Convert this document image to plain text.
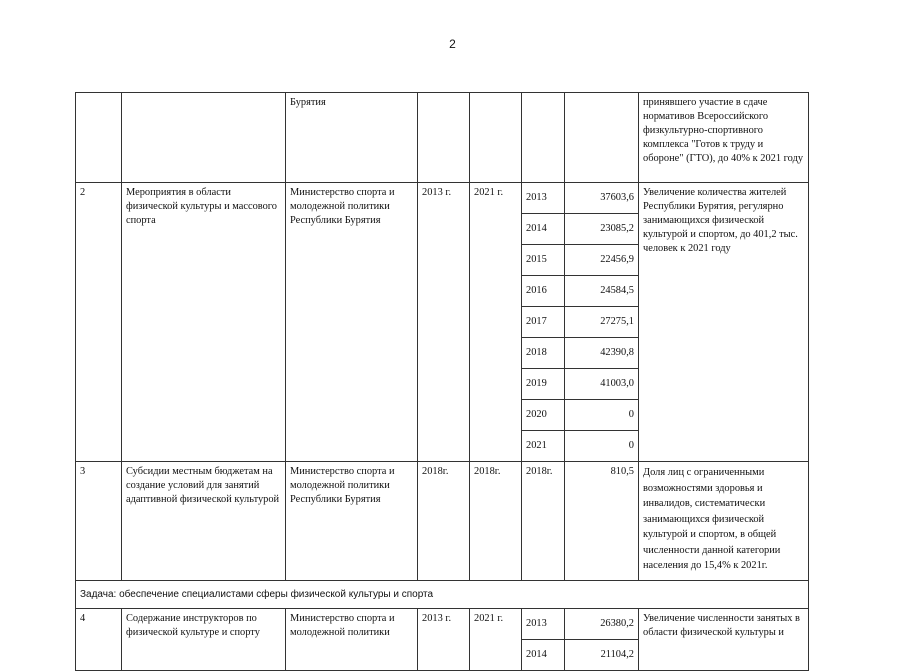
2
		Бурятия					принявшего участие в сдаче нормативов Всероссийского физкультурно-спортивного комплекса "Готов к труду и обороне" (ГТО), до 40% к 2021 году
2	Мероприятия в области физической культуры и массового спорта	Министерство спорта и молодежной политики Республики Бурятия	2013 г.	2021 г.	2013	37603,6	Увеличение количества жителей Республики Бурятия, регулярно занимающихся физической культурой и спортом, до 401,2 тыс. человек к 2021 году
					2014	23085,2	
					2015	22456,9	
					2016	24584,5	
					2017	27275,1	
					2018	42390,8	
					2019	41003,0	
					2020	0	
					2021	0	
3	Субсидии местным бюджетам на создание условий для занятий адаптивной физической культурой	Министерство спорта и молодежной политики Республики Бурятия	2018г.	2018г.	2018г.	810,5	Доля лиц с ограниченными возможностями здоровья и инвалидов, систематически занимающихся физической культурой и спортом, в общей численности данной категории населения до 15,4% к 2021г.
Задача: обеспечение специалистами сферы физической культуры и спорта							
4	Содержание инструкторов по физической культуре и спорту	Министерство спорта и молодежной политики	2013 г.	2021 г.	2013	26380,2	Увеличение численности занятых в области физической культуры и
					2014	21104,2	
